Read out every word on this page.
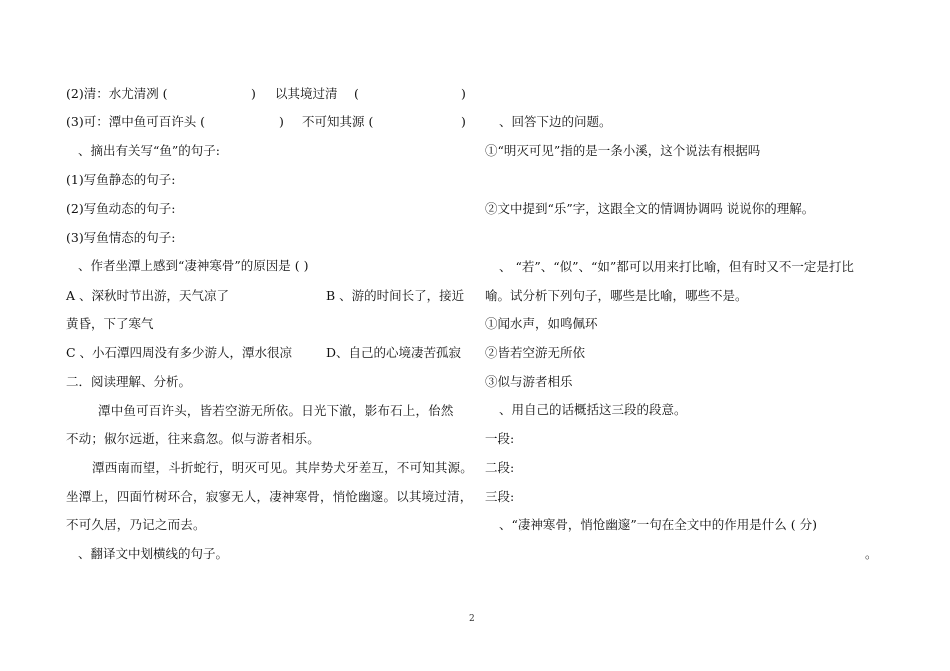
(2)清：水尤清冽 (	) 以其境过清 (	)
(3)可：潭中鱼可百许头 (	) 不可知其源 (	)
、摘出有关写“鱼”的句子:
(1)写鱼静态的句子:
(2)写鱼动态的句子:
(3)写鱼情态的句子:
、作者坐潭上感到“凄神寒骨”的原因是 ( )
A 、深秋时节出游，天气凉了	B 、游的时间长了，接近
黄昏，下了寒气
C 、小石潭四周没有多少游人，潭水很凉	D、自己的心境凄苦孤寂
二．阅读理解、分析。
潭中鱼可百许头，皆若空游无所依。日光下澈，影布石上，佁然
不动；俶尔远逝，往来翕忽。似与游者相乐。
潭西南而望，斗折蛇行，明灭可见。其岸势犬牙差互，不可知其源。
坐潭上，四面竹树环合，寂寥无人，凄神寒骨，悄怆幽邃。以其境过清，
不可久居，乃记之而去。
、翻译文中划横线的句子。
、回答下边的问题。
①“明灭可见”指的是一条小溪，这个说法有根据吗
②文中提到“乐”字，这跟全文的情调协调吗 说说你的理解。
、 “若”、“似”、“如”都可以用来打比喻，但有时又不一定是打比
喻。试分析下列句子，哪些是比喻，哪些不是。
①闻水声，如鸣佩环
②皆若空游无所依
③似与游者相乐
、用自己的话概括这三段的段意。
一段:
二段:
三段:
、“凄神寒骨，悄怆幽邃”一句在全文中的作用是什么 ( 分)
。
2
